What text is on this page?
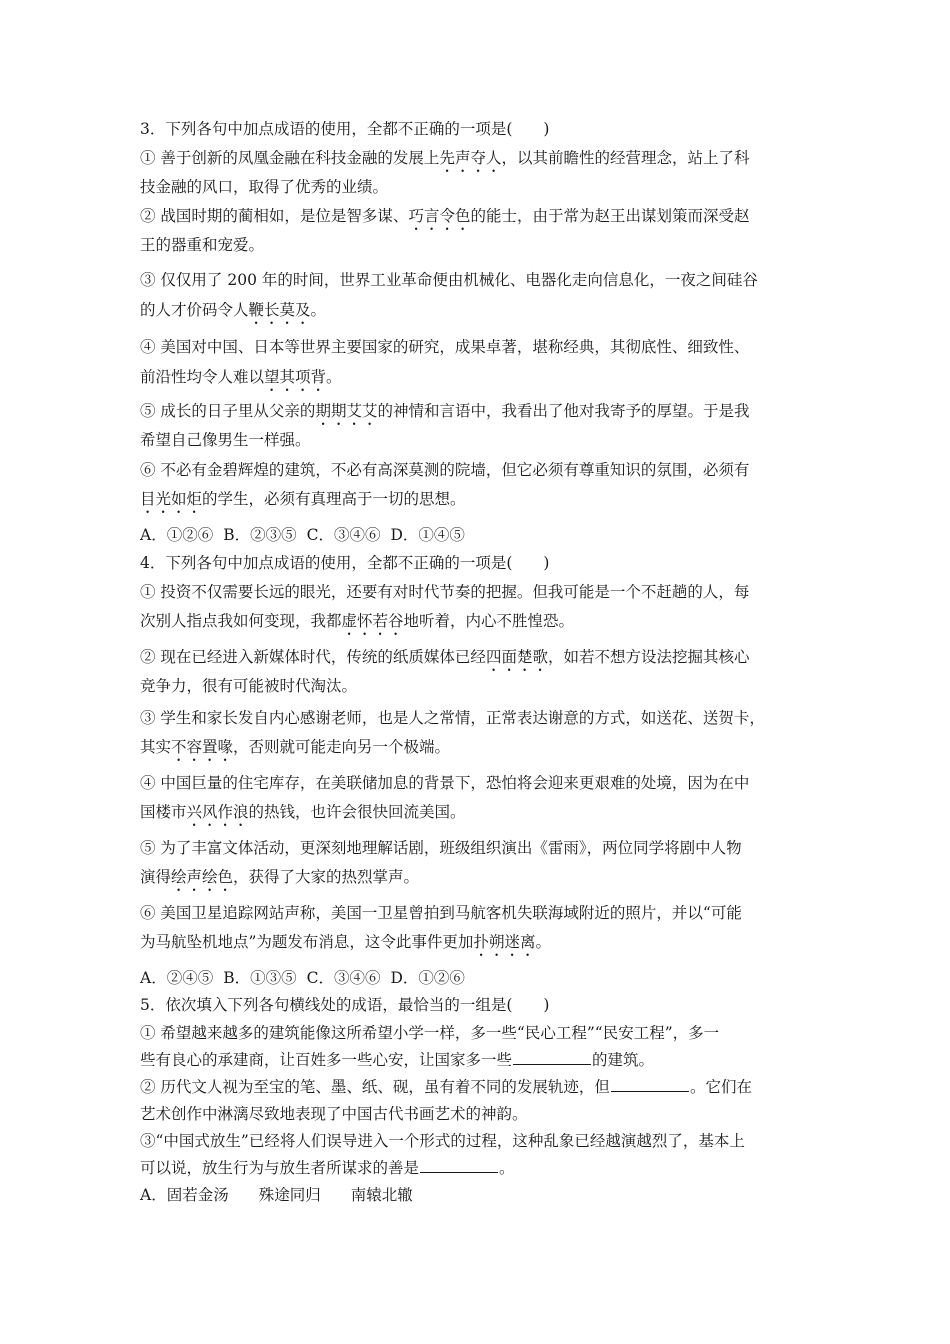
3．下列各句中加点成语的使用，全都不正确的一项是(　　)
① 善于创新的凤凰金融在科技金融的发展上先声夺人，以其前瞻性的经营理念，站上了科
技金融的风口，取得了优秀的业绩。
② 战国时期的蔺相如，是位是智多谋、巧言令色的能士，由于常为赵王出谋划策而深受赵
王的器重和宠爱。
③ 仅仅用了 200 年的时间，世界工业革命便由机械化、电器化走向信息化，一夜之间硅谷
的人才价码令人鞭长莫及。
④ 美国对中国、日本等世界主要国家的研究，成果卓著，堪称经典，其彻底性、细致性、
前沿性均令人难以望其项背。
⑤ 成长的日子里从父亲的期期艾艾的神情和言语中，我看出了他对我寄予的厚望。于是我
希望自己像男生一样强。
⑥ 不必有金碧辉煌的建筑，不必有高深莫测的院墙，但它必须有尊重知识的氛围，必须有
目光如炬的学生，必须有真理高于一切的思想。
A．①②⑥ B．②③⑤ C．③④⑥ D．①④⑤
4．下列各句中加点成语的使用，全都不正确的一项是(　　)
① 投资不仅需要长远的眼光，还要有对时代节奏的把握。但我可能是一个不赶趟的人，每
次别人指点我如何变现，我都虚怀若谷地听着，内心不胜惶恐。
② 现在已经进入新媒体时代，传统的纸质媒体已经四面楚歌，如若不想方设法挖掘其核心
竞争力，很有可能被时代淘汰。
③ 学生和家长发自内心感谢老师，也是人之常情，正常表达谢意的方式，如送花、送贺卡，
其实不容置喙，否则就可能走向另一个极端。
④ 中国巨量的住宅库存，在美联储加息的背景下，恐怕将会迎来更艰难的处境，因为在中
国楼市兴风作浪的热钱，也许会很快回流美国。
⑤ 为了丰富文体活动，更深刻地理解话剧，班级组织演出《雷雨》，两位同学将剧中人物
演得绘声绘色，获得了大家的热烈掌声。
⑥ 美国卫星追踪网站声称，美国一卫星曾拍到马航客机失联海域附近的照片，并以“可能
为马航坠机地点”为题发布消息，这令此事件更加扑朔迷离。
A．②④⑤ B．①③⑤ C．③④⑥ D．①②⑥
5．依次填入下列各句横线处的成语，最恰当的一组是(　　)
① 希望越来越多的建筑能像这所希望小学一样，多一些“民心工程”“民安工程”，多一
些有良心的承建商，让百姓多一些心安，让国家多一些	的建筑。
② 历代文人视为至宝的笔、墨、纸、砚，虽有着不同的发展轨迹，但	。它们在
艺术创作中淋漓尽致地表现了中国古代书画艺术的神韵。
③“中国式放生”已经将人们误导进入一个形式的过程，这种乱象已经越演越烈了，基本上
可以说，放生行为与放生者所谋求的善是	。
A．固若金汤 殊途同归 南辕北辙
